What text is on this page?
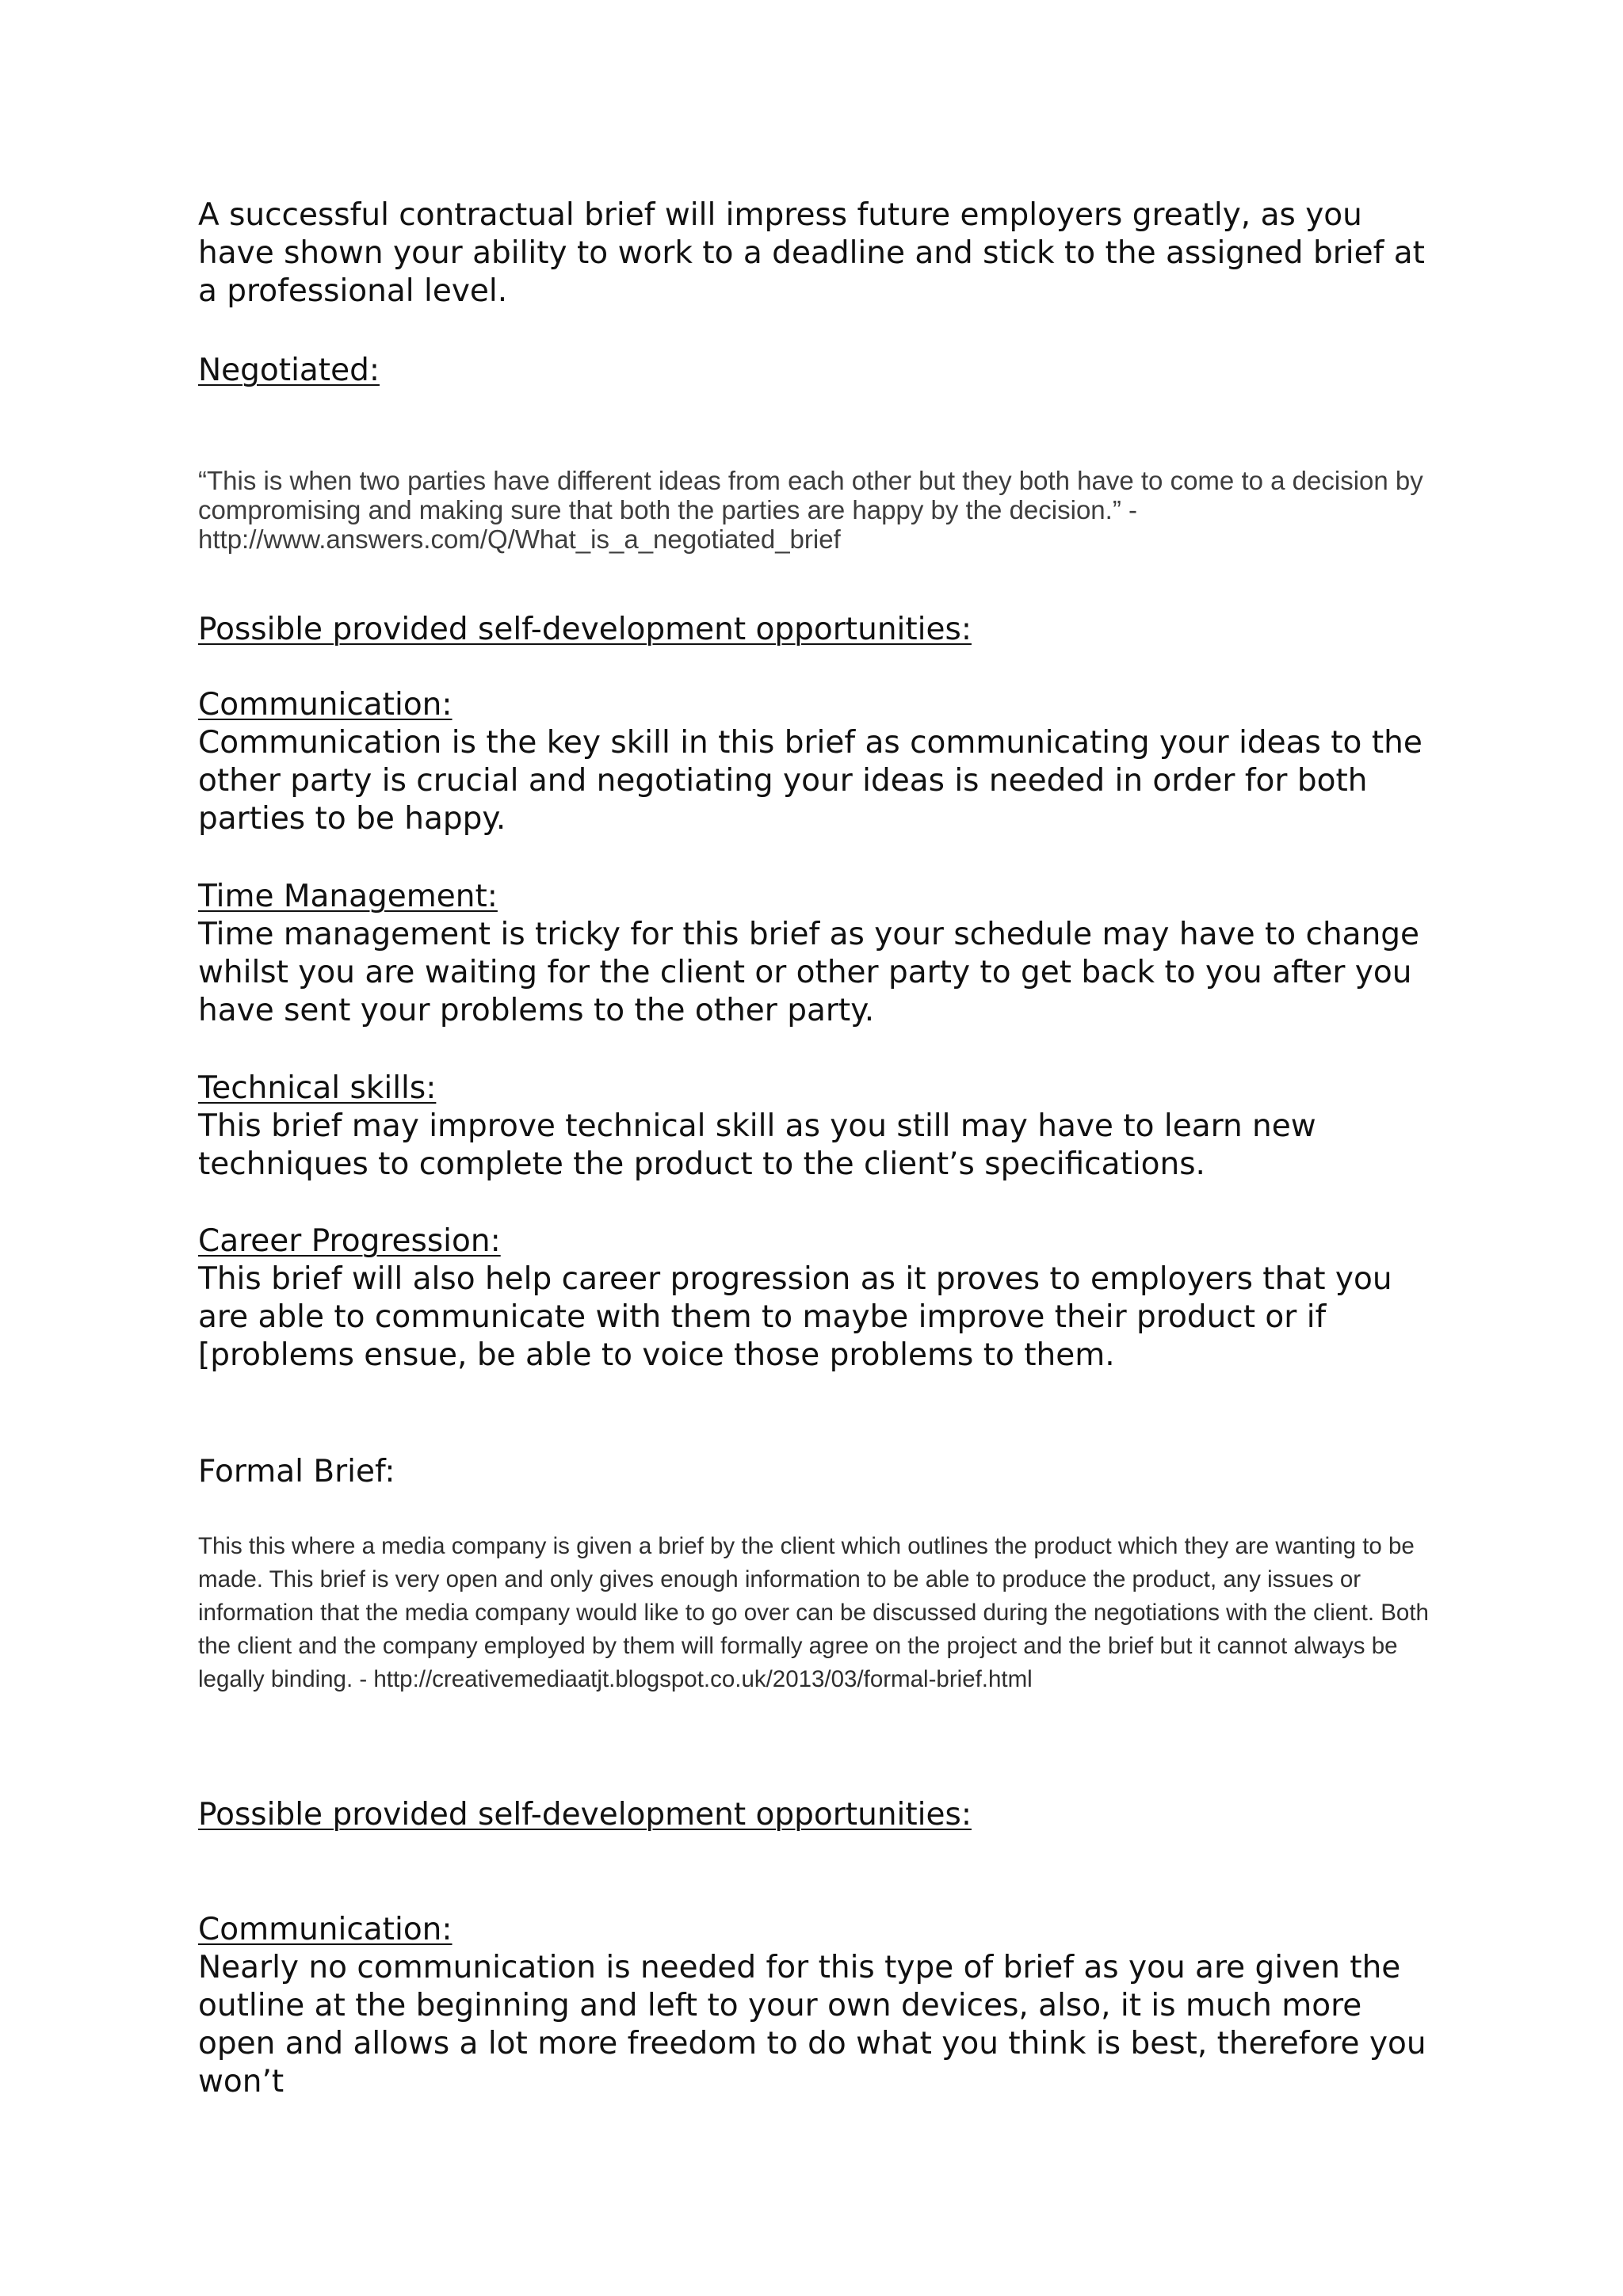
A successful contractual brief will impress future employers greatly, as you have shown your ability to work to a deadline and stick to the assigned brief at a professional level.

Negotiated:

“This is when two parties have different ideas from each other but they both have to come to a decision by compromising and making sure that both the parties are happy by the decision.” - http://www.answers.com/Q/What_is_a_negotiated_brief

Possible provided self-development opportunities:

Communication:
Communication is the key skill in this brief as communicating your ideas to the other party is crucial and negotiating your ideas is needed in order for both parties to be happy.
Time Management:
Time management is tricky for this brief as your schedule may have to change whilst you are waiting for the client or other party to get back to you after you have sent your problems to the other party.
Technical skills:
This brief may improve technical skill as you still may have to learn new techniques to complete the product to the client’s specifications.
Career Progression:
This brief will also help career progression as it proves to employers that you are able to communicate with them to maybe improve their product or if [problems ensue, be able to voice those problems to them.

Formal Brief:

This this where a media company is given a brief by the client which outlines the product which they are wanting to be made. This brief is very open and only gives enough information to be able to produce the product, any issues or information that the media company would like to go over can be discussed during the negotiations with the client. Both the client and the company employed by them will formally agree on the project and the brief but it cannot always be legally binding. - http://creativemediaatjt.blogspot.co.uk/2013/03/formal-brief.html

Possible provided self-development opportunities:

Communication:
Nearly no communication is needed for this type of brief as you are given the outline at the beginning and left to your own devices, also, it is much more open and allows a lot more freedom to do what you think is best, therefore you won’t
